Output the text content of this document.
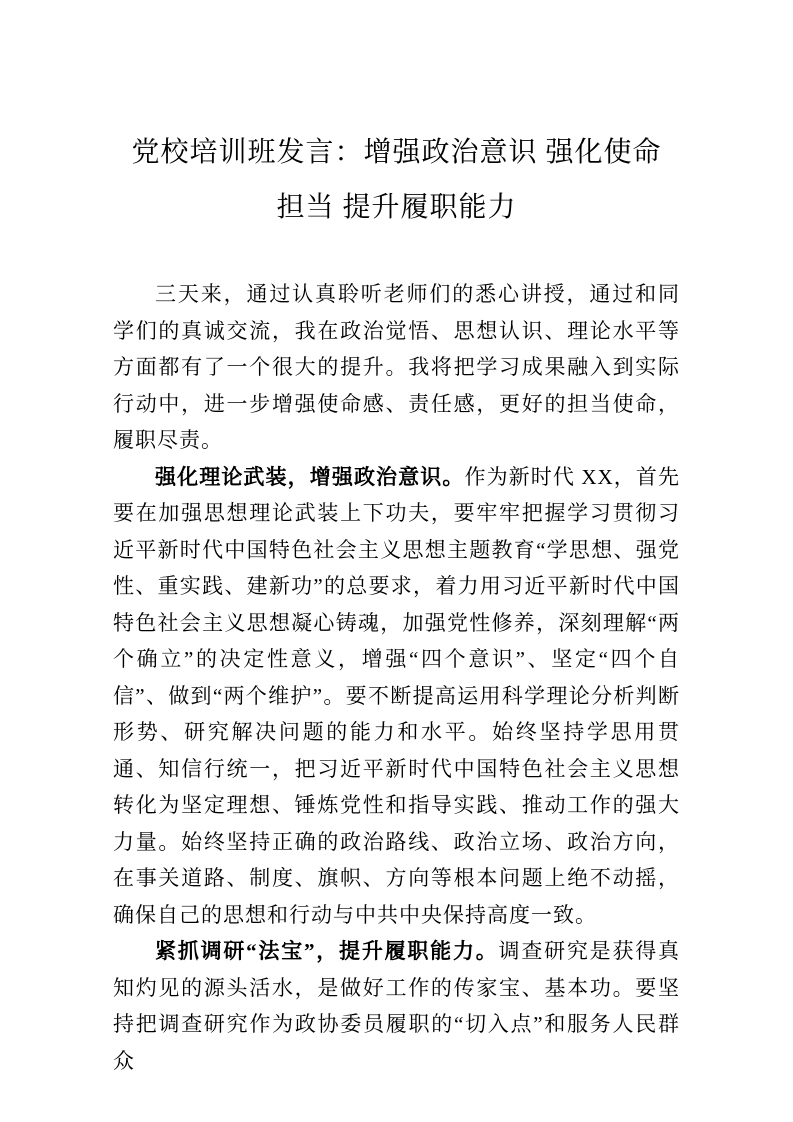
党校培训班发言：增强政治意识 强化使命
担当 提升履职能力

三天来，通过认真聆听老师们的悉心讲授，通过和同学们的真诚交流，我在政治觉悟、思想认识、理论水平等方面都有了一个很大的提升。我将把学习成果融入到实际行动中，进一步增强使命感、责任感，更好的担当使命，履职尽责。

强化理论武装，增强政治意识。作为新时代 XX，首先要在加强思想理论武装上下功夫，要牢牢把握学习贯彻习近平新时代中国特色社会主义思想主题教育“学思想、强党性、重实践、建新功”的总要求，着力用习近平新时代中国特色社会主义思想凝心铸魂，加强党性修养，深刻理解“两个确立”的决定性意义，增强“四个意识”、坚定“四个自信”、做到“两个维护”。要不断提高运用科学理论分析判断形势、研究解决问题的能力和水平。始终坚持学思用贯通、知信行统一，把习近平新时代中国特色社会主义思想转化为坚定理想、锤炼党性和指导实践、推动工作的强大力量。始终坚持正确的政治路线、政治立场、政治方向，在事关道路、制度、旗帜、方向等根本问题上绝不动摇，确保自己的思想和行动与中共中央保持高度一致。

紧抓调研“法宝”，提升履职能力。调查研究是获得真知灼见的源头活水，是做好工作的传家宝、基本功。要坚持把调查研究作为政协委员履职的“切入点”和服务人民群众
